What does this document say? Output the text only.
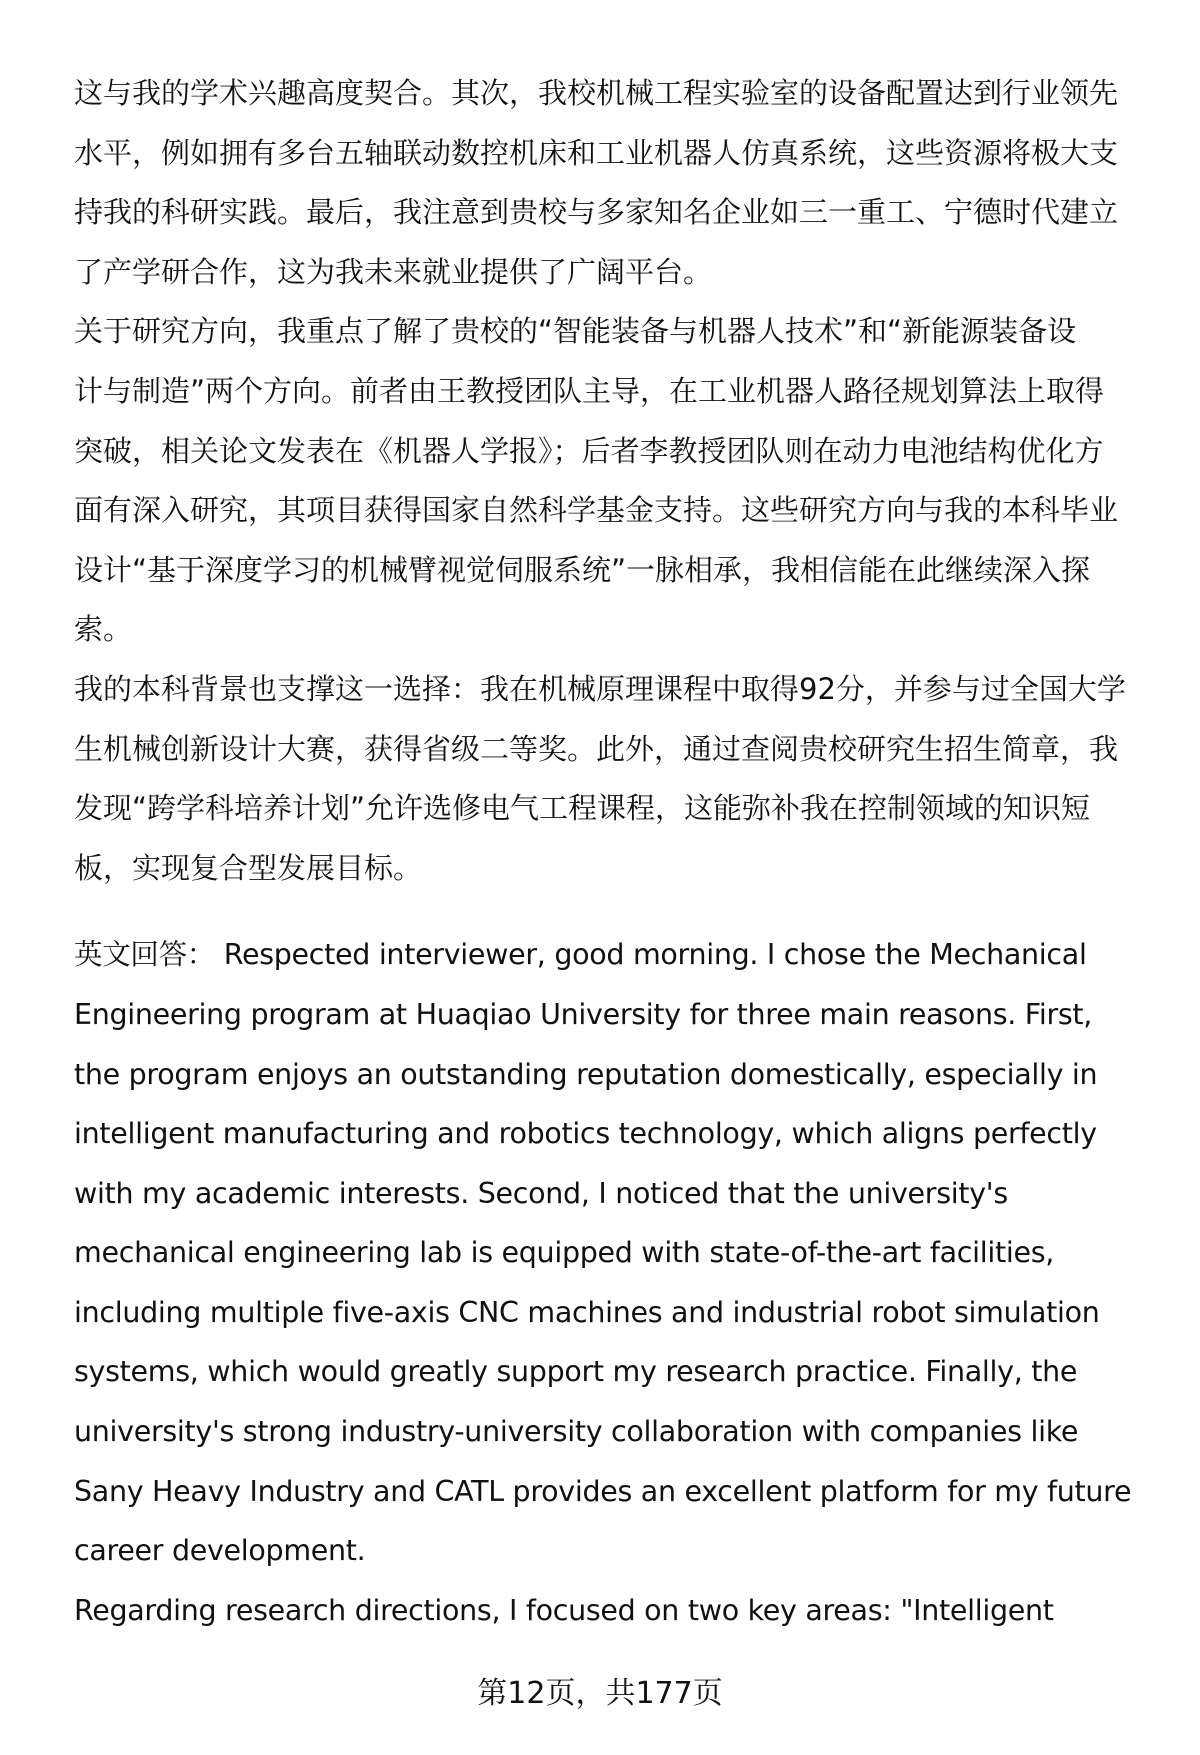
这与我的学术兴趣高度契合。其次，我校机械工程实验室的设备配置达到行业领先
水平，例如拥有多台五轴联动数控机床和工业机器人仿真系统，这些资源将极大支
持我的科研实践。最后，我注意到贵校与多家知名企业如三一重工、宁德时代建立
了产学研合作，这为我未来就业提供了广阔平台。
关于研究方向，我重点了解了贵校的“智能装备与机器人技术”和“新能源装备设
计与制造”两个方向。前者由王教授团队主导，在工业机器人路径规划算法上取得
突破，相关论文发表在《机器人学报》；后者李教授团队则在动力电池结构优化方
面有深入研究，其项目获得国家自然科学基金支持。这些研究方向与我的本科毕业
设计“基于深度学习的机械臂视觉伺服系统”一脉相承，我相信能在此继续深入探
索。
我的本科背景也支撑这一选择：我在机械原理课程中取得92分，并参与过全国大学
生机械创新设计大赛，获得省级二等奖。此外，通过查阅贵校研究生招生简章，我
发现“跨学科培养计划”允许选修电气工程课程，这能弥补我在控制领域的知识短
板，实现复合型发展目标。
英文回答： Respected interviewer, good morning. I chose the Mechanical
Engineering program at Huaqiao University for three main reasons. First,
the program enjoys an outstanding reputation domestically, especially in
intelligent manufacturing and robotics technology, which aligns perfectly
with my academic interests. Second, I noticed that the university's
mechanical engineering lab is equipped with state-of-the-art facilities,
including multiple five-axis CNC machines and industrial robot simulation
systems, which would greatly support my research practice. Finally, the
university's strong industry-university collaboration with companies like
Sany Heavy Industry and CATL provides an excellent platform for my future
career development.
Regarding research directions, I focused on two key areas: "Intelligent
第12页，共177页
